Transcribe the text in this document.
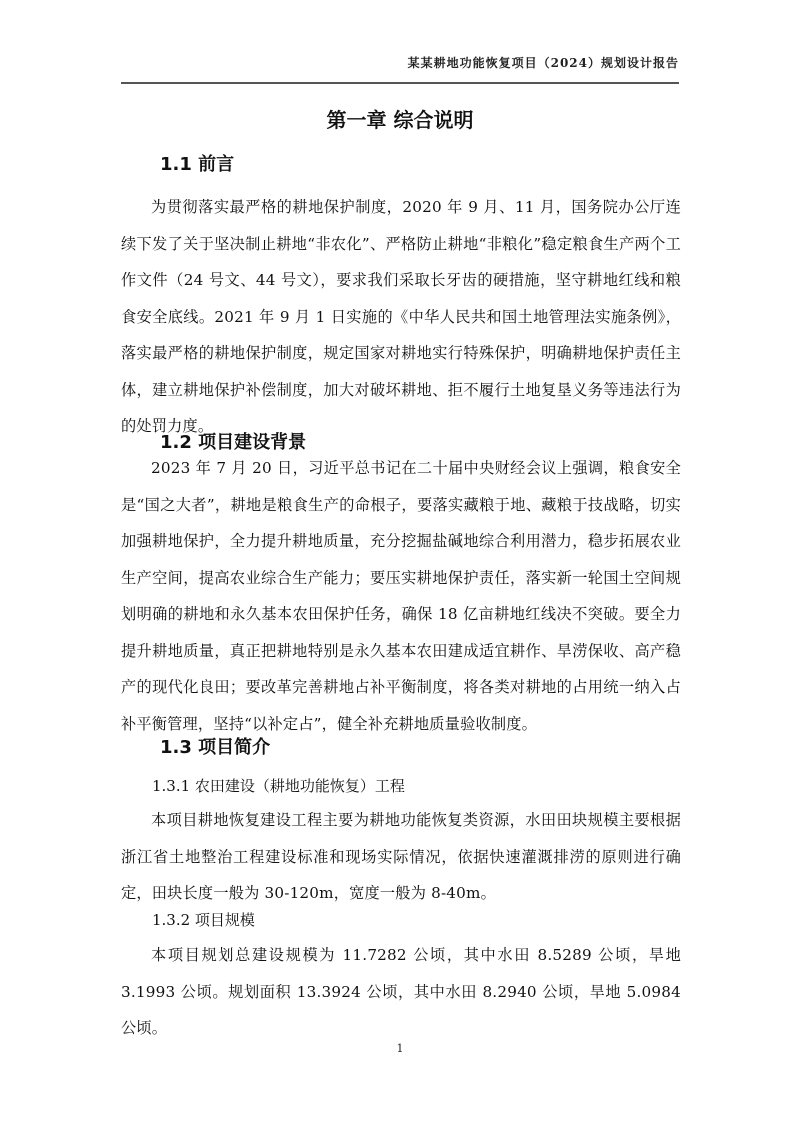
某某耕地功能恢复项目（2024）规划设计报告
第一章 综合说明
1.1 前言

为贯彻落实最严格的耕地保护制度，2020 年 9 月、11 月，国务院办公厅连续下发了关于坚决制止耕地“非农化”、严格防止耕地“非粮化”稳定粮食生产两个工作文件（24 号文、44 号文），要求我们采取长牙齿的硬措施，坚守耕地红线和粮食安全底线。2021 年 9 月 1 日实施的《中华人民共和国土地管理法实施条例》，落实最严格的耕地保护制度，规定国家对耕地实行特殊保护，明确耕地保护责任主体，建立耕地保护补偿制度，加大对破坏耕地、拒不履行土地复垦义务等违法行为的处罚力度。

1.2 项目建设背景

2023 年 7 月 20 日，习近平总书记在二十届中央财经会议上强调，粮食安全是“国之大者”，耕地是粮食生产的命根子，要落实藏粮于地、藏粮于技战略，切实加强耕地保护，全力提升耕地质量，充分挖掘盐碱地综合利用潜力，稳步拓展农业生产空间，提高农业综合生产能力；要压实耕地保护责任，落实新一轮国土空间规划明确的耕地和永久基本农田保护任务，确保 18 亿亩耕地红线决不突破。要全力提升耕地质量，真正把耕地特别是永久基本农田建成适宜耕作、旱涝保收、高产稳产的现代化良田；要改革完善耕地占补平衡制度，将各类对耕地的占用统一纳入占补平衡管理，坚持“以补定占”，健全补充耕地质量验收制度。

1.3 项目简介
1.3.1 农田建设（耕地功能恢复）工程

本项目耕地恢复建设工程主要为耕地功能恢复类资源，水田田块规模主要根据浙江省土地整治工程建设标准和现场实际情况，依据快速灌溉排涝的原则进行确定，田块长度一般为 30-120m，宽度一般为 8-40m。

1.3.2 项目规模

本项目规划总建设规模为 11.7282 公顷，其中水田 8.5289 公顷，旱地 3.1993 公顷。规划面积 13.3924 公顷，其中水田 8.2940 公顷，旱地 5.0984 公顷。

1
